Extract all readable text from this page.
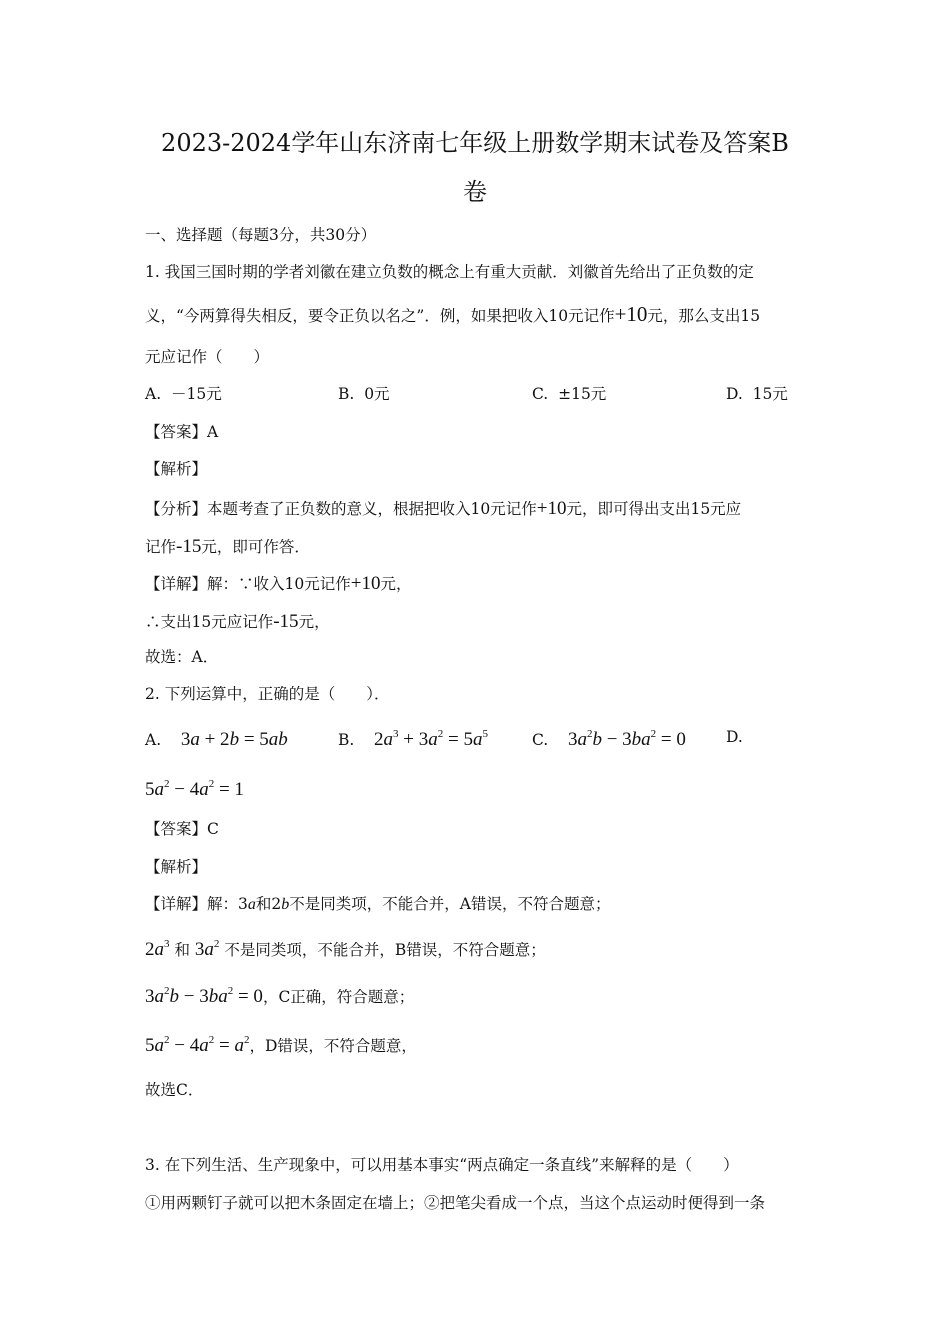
2023-2024学年山东济南七年级上册数学期末试卷及答案B
卷
一、选择题（每题3分，共30分）
1. 我国三国时期的学者刘徽在建立负数的概念上有重大贡献．刘徽首先给出了正负数的定
义，“今两算得失相反，要令正负以名之”．例，如果把收入10元记作+10元，那么支出15
元应记作（　　）
A. －15元	B. 0元	C. ±15元	D. 15元
【答案】A
【解析】
【分析】本题考查了正负数的意义，根据把收入10元记作+10元，即可得出支出15元应
记作-15元，即可作答．
【详解】解：∵收入10元记作+10元，
∴支出15元应记作-15元，
故选：A．
2. 下列运算中，正确的是（　　）．
A. 3a + 2b = 5ab	B. $2a^3 + 3a^2 = 5a^5$	C. $3a^2b - 3ba^2 = 0$	D.
$5a^2 - 4a^2 = 1$
【答案】C
【解析】
【详解】解：3a和2b不是同类项，不能合并，A错误，不符合题意；
$2a^3$ 和 $3a^2$ 不是同类项，不能合并，B错误，不符合题意；
$3a^2b - 3ba^2 = 0$，C正确，符合题意；
$5a^2 - 4a^2 = a^2$，D错误，不符合题意，
故选C．
3. 在下列生活、生产现象中，可以用基本事实“两点确定一条直线”来解释的是（　　）
①用两颗钉子就可以把木条固定在墙上；②把笔尖看成一个点，当这个点运动时便得到一条
